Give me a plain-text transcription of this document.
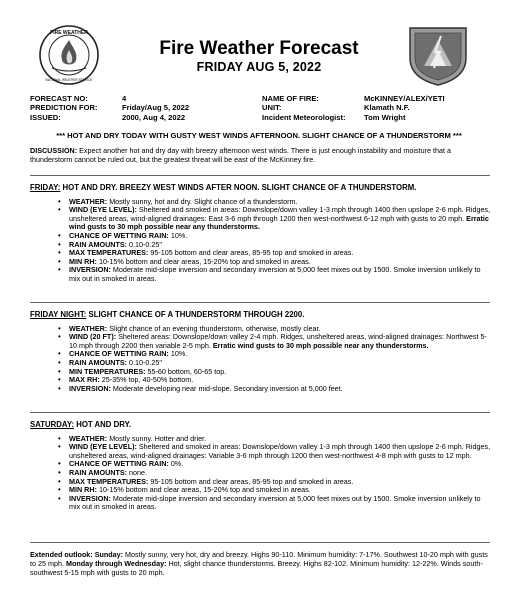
FIRE WEATHER
NATIONAL WEATHER SERVICE
Fire Weather Forecast
FRIDAY AUG 5, 2022
FORECAST NO:	4
PREDICTION FOR:	Friday/Aug 5, 2022
ISSUED:	2000, Aug 4, 2022
NAME OF FIRE:	McKINNEY/ALEX/YETI
UNIT:	Klamath N.F.
Incident Meteorologist:	Tom Wright
*** HOT AND DRY TODAY WITH GUSTY WEST WINDS AFTERNOON. SLIGHT CHANCE OF A THUNDERSTORM ***
DISCUSSION: Expect another hot and dry day with breezy afternoon west winds. There is just enough instability and moisture that a thunderstorm cannot be ruled out, but the greatest threat will be east of the McKinney fire.
FRIDAY: HOT AND DRY. BREEZY WEST WINDS AFTER NOON. SLIGHT CHANCE OF A THUNDERSTORM.
• WEATHER: Mostly sunny, hot and dry. Slight chance of a thunderstorm.
• WIND (EYE LEVEL): Sheltered and smoked in areas: Downslope/down valley 1-3 mph through 1400 then upslope 2-6 mph. Ridges, unsheltered areas, wind-aligned drainages: East 3-6 mph through 1200 then west-northwest 6-12 mph with gusts to 20 mph. Erratic wind gusts to 30 mph possible near any thunderstorms.
• CHANCE OF WETTING RAIN: 10%.
• RAIN AMOUNTS: 0.10-0.25"
• MAX TEMPERATURES: 95-105 bottom and clear areas, 85-95 top and smoked in areas.
• MIN RH: 10-15% bottom and clear areas, 15-20% top and smoked in areas.
• INVERSION: Moderate mid-slope inversion and secondary inversion at 5,000 feet mixes out by 1500. Smoke inversion unlikely to mix out in smoked in areas.
FRIDAY NIGHT: SLIGHT CHANCE OF A THUNDERSTORM THROUGH 2200.
• WEATHER: Slight chance of an evening thunderstorm, otherwise, mostly clear.
• WIND (20 FT): Sheltered areas: Downslope/down valley 2-4 mph. Ridges, unsheltered areas, wind-aligned drainages: Northwest 5-10 mph through 2200 then variable 2-5 mph. Erratic wind gusts to 30 mph possible near any thunderstorms.
• CHANCE OF WETTING RAIN: 10%.
• RAIN AMOUNTS: 0.10-0.25"
• MIN TEMPERATURES: 55-60 bottom, 60-65 top.
• MAX RH: 25-35% top, 40-50% bottom.
• INVERSION: Moderate developing near mid-slope. Secondary inversion at 5,000 feet.
SATURDAY: HOT AND DRY.
• WEATHER: Mostly sunny. Hotter and drier.
• WIND (EYE LEVEL): Sheltered and smoked in areas: Downslope/down valley 1-3 mph through 1400 then upslope 2-6 mph. Ridges, unsheltered areas, wind-aligned drainages: Variable 3-6 mph through 1200 then west-northwest 4-8 mph with gusts to 12 mph.
• CHANCE OF WETTING RAIN: 0%.
• RAIN AMOUNTS: none.
• MAX TEMPERATURES: 95-105 bottom and clear areas, 85-95 top and smoked in areas.
• MIN RH: 10-15% bottom and clear areas, 15-20% top and smoked in areas.
• INVERSION: Moderate mid-slope inversion and secondary inversion at 5,000 feet mixes out by 1500. Smoke inversion unlikely to mix out in smoked in areas.
Extended outlook: Sunday: Mostly sunny, very hot, dry and breezy. Highs 90-110. Minimum humidity: 7-17%. Southwest 10-20 mph with gusts to 25 mph. Monday through Wednesday: Hot, slight chance thunderstorms. Breezy. Highs 82-102. Minimum humidity: 12-22%. Winds south-southwest 5-15 mph with gusts to 20 mph.
